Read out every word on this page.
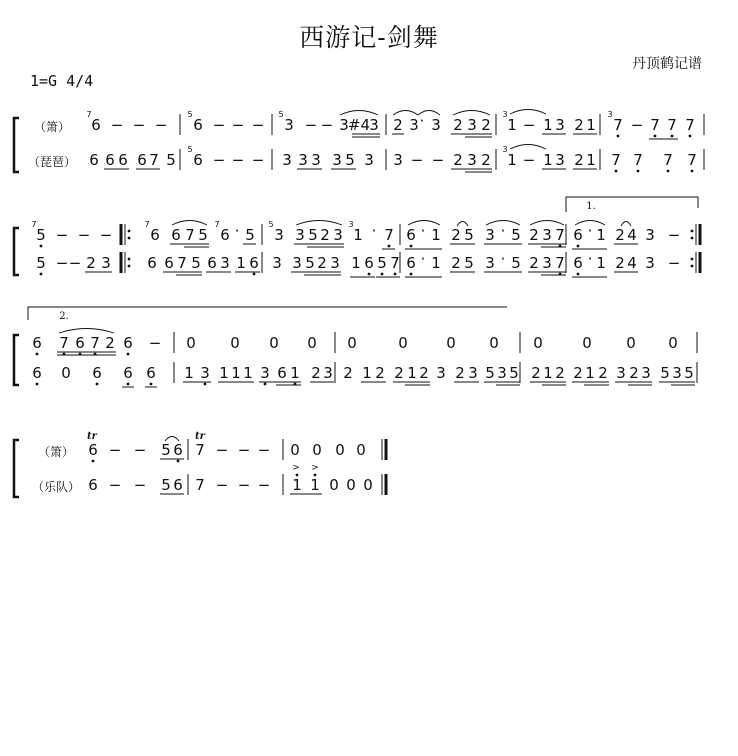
西游记-剑舞
丹顶鹤记谱
1=G 4/4
（箫）
（琵琶）
7
6 − − −
5
6 − − −
5
3 − − 3 #4 3 2 3 · 3 2 3 2
3
1 − 1 3 2 1
3
7 − 7 7 7
6 6 6 6 7 5
5
6 − − − 3 3 3 3 5 3 3 − − 2 3 2
3
1 − 1 3 2 1 7 7 7 7
1.
7
5 − − −
7
6 6 7 5
7
6 · 5
5
3 3 5 2 3
3
1 · 7 6 · 1 2 5 3 · 5 2 3 7 6 · 1 2 4 3 −
5 − − 2 3 6 6 7 5 6 3 1 6 3 3 5 2 3 1 6 5 7 6 · 1 2 5 3 · 5 2 3 7 6 · 1 2 4 3 −
2.
6 7 6 7 2 6 − 0 0 0 0 0	0	0 0 0	0 0 0
6 0 6 6 6 1 3 1 1 1 3 6 1 2 3 2 1 2 2 1 2 3 2 3 5 3 5 2 1 2 2 1 2 3 2 3 5 3 5
（箫）
（乐队）
tr
6 − − 5 6
tr
7 − − − 0 0 0 0
6 − − 5 6 7 − − −
> >
1 1 0 0 0
